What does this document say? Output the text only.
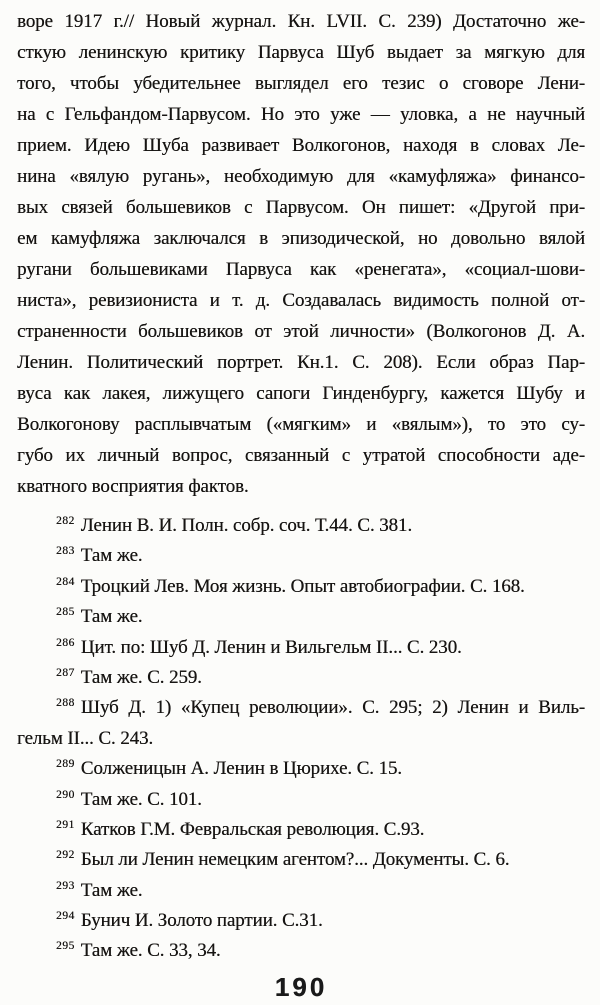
воре 1917 г.// Новый журнал. Кн. LVII. С. 239) Достаточно же-
сткую ленинскую критику Парвуса Шуб выдает за мягкую для
того, чтобы убедительнее выглядел его тезис о сговоре Лени-
на с Гельфандом-Парвусом. Но это уже — уловка, а не научный
прием. Идею Шуба развивает Волкогонов, находя в словах Ле-
нина «вялую ругань», необходимую для «камуфляжа» финансо-
вых связей большевиков с Парвусом. Он пишет: «Другой при-
ем камуфляжа заключался в эпизодической, но довольно вялой
ругани большевиками Парвуса как «ренегата», «социал-шови-
ниста», ревизиониста и т. д. Создавалась видимость полной от-
страненности большевиков от этой личности» (Волкогонов Д. А.
Ленин. Политический портрет. Кн.1. С. 208). Если образ Пар-
вуса как лакея, лижущего сапоги Гинденбургу, кажется Шубу и
Волкогонову расплывчатым («мягким» и «вялым»), то это су-
губо их личный вопрос, связанный с утратой способности аде-
кватного восприятия фактов.
$^{282}$ Ленин В. И. Полн. собр. соч. Т.44. С. 381.
$^{283}$ Там же.
$^{284}$ Троцкий Лев. Моя жизнь. Опыт автобиографии. С. 168.
$^{285}$ Там же.
$^{286}$ Цит. по: Шуб Д. Ленин и Вильгельм II... С. 230.
$^{287}$ Там же. С. 259.
$^{288}$ Шуб Д. 1) «Купец революции». С. 295; 2) Ленин и Виль-
гельм II... С. 243.
$^{289}$ Солженицын А. Ленин в Цюрихе. С. 15.
$^{290}$ Там же. С. 101.
$^{291}$ Катков Г.М. Февральская революция. С.93.
$^{292}$ Был ли Ленин немецким агентом?... Документы. С. 6.
$^{293}$ Там же.
$^{294}$ Бунич И. Золото партии. С.31.
$^{295}$ Там же. С. 33, 34.
190
